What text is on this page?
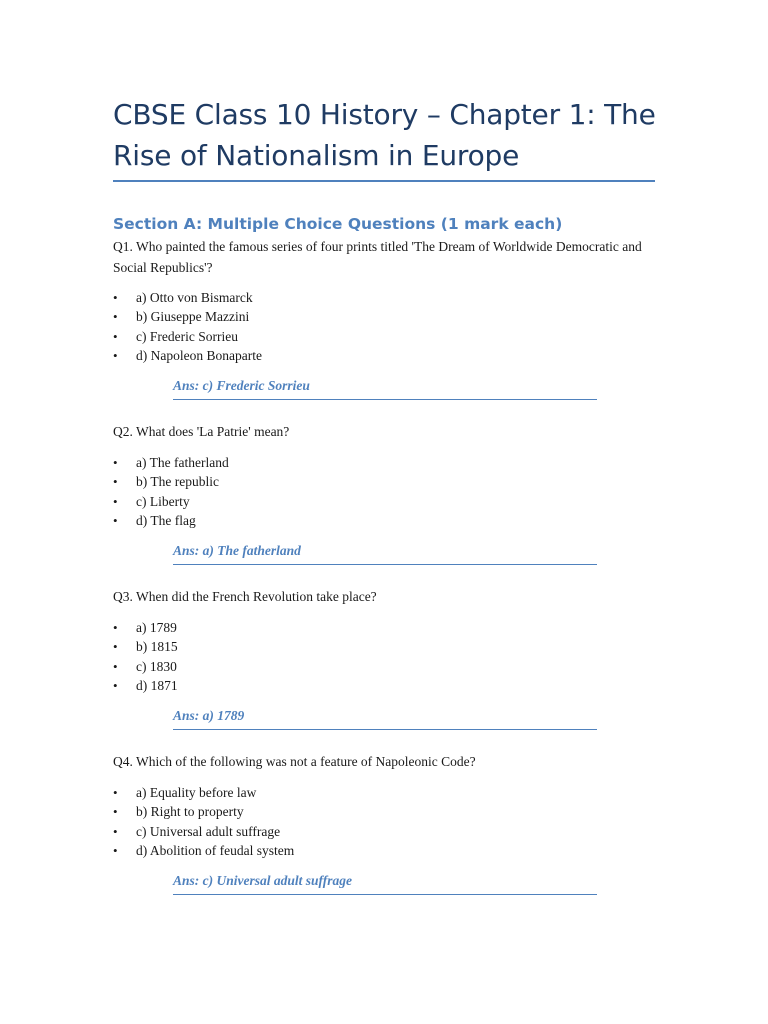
CBSE Class 10 History – Chapter 1: The Rise of Nationalism in Europe
Section A: Multiple Choice Questions (1 mark each)

Q1. Who painted the famous series of four prints titled 'The Dream of Worldwide Democratic and Social Republics'?

• a) Otto von Bismarck
• b) Giuseppe Mazzini
• c) Frederic Sorrieu
• d) Napoleon Bonaparte
Ans: c) Frederic Sorrieu

Q2. What does 'La Patrie' mean?

• a) The fatherland
• b) The republic
• c) Liberty
• d) The flag
Ans: a) The fatherland

Q3. When did the French Revolution take place?

• a) 1789
• b) 1815
• c) 1830
• d) 1871
Ans: a) 1789

Q4. Which of the following was not a feature of Napoleonic Code?

• a) Equality before law
• b) Right to property
• c) Universal adult suffrage
• d) Abolition of feudal system
Ans: c) Universal adult suffrage
